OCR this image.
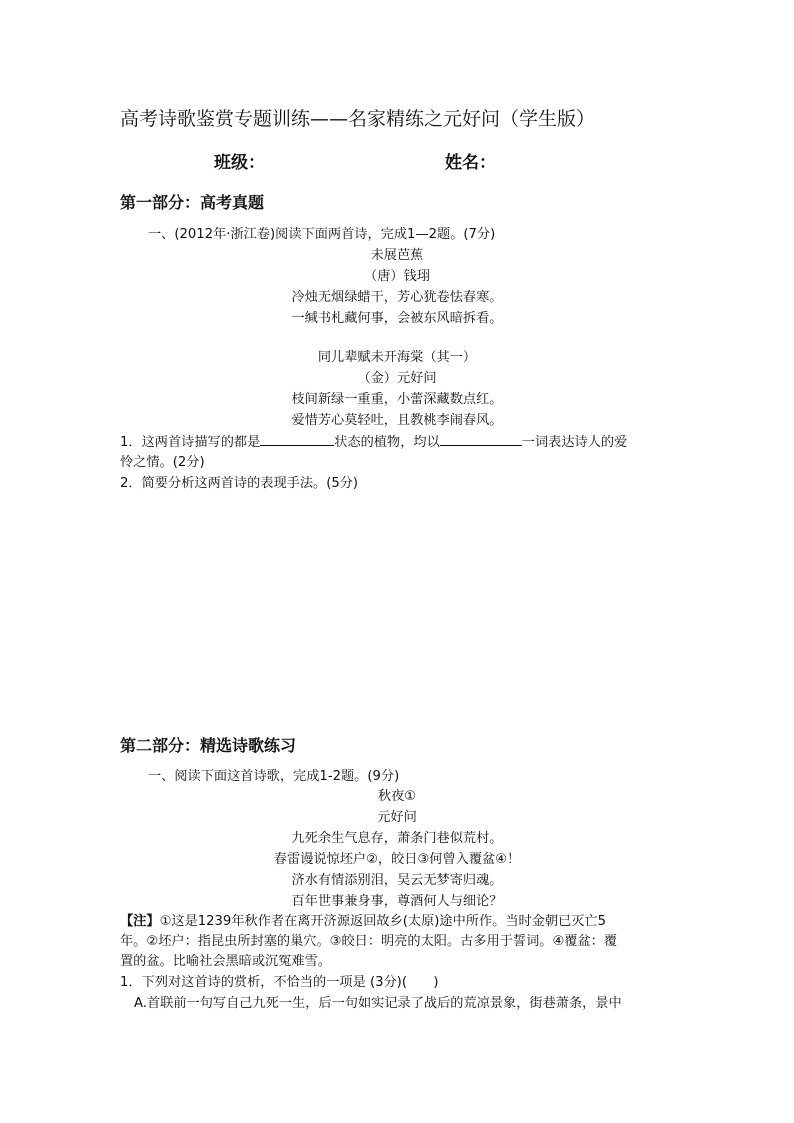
高考诗歌鉴赏专题训练——名家精练之元好问（学生版）
班级：	姓名：
第一部分：高考真题
一、(2012年·浙江卷)阅读下面两首诗，完成1—2题。(7分)
未展芭蕉
（唐）钱珝
冷烛无烟绿蜡干，芳心犹卷怯春寒。
一缄书札藏何事，会被东风暗拆看。
同儿辈赋未开海棠（其一）
（金）元好问
枝间新绿一重重，小蕾深藏数点红。
爱惜芳心莫轻吐，且教桃李闹春风。
1．这两首诗描写的都是	状态的植物，均以	一词表达诗人的爱
怜之情。(2分)
2．简要分析这两首诗的表现手法。(5分)
第二部分：精选诗歌练习
一、阅读下面这首诗歌，完成1-2题。(9分)
秋夜①
元好问
九死余生气息存，萧条门巷似荒村。
春雷谩说惊坯户②，皎日③何曾入覆盆④！
济水有情添别泪，吴云无梦寄归魂。
百年世事兼身事，尊酒何人与细论？
【注】①这是1239年秋作者在离开济源返回故乡(太原)途中所作。当时金朝已灭亡5
年。②坯户：指昆虫所封塞的巢穴。③皎日：明亮的太阳。古多用于誓词。④覆盆：覆
置的盆。比喻社会黑暗或沉冤难雪。
1．下列对这首诗的赏析，不恰当的一项是 (3分)(　　)
A.首联前一句写自己九死一生，后一句如实记录了战后的荒凉景象，街巷萧条，景中
